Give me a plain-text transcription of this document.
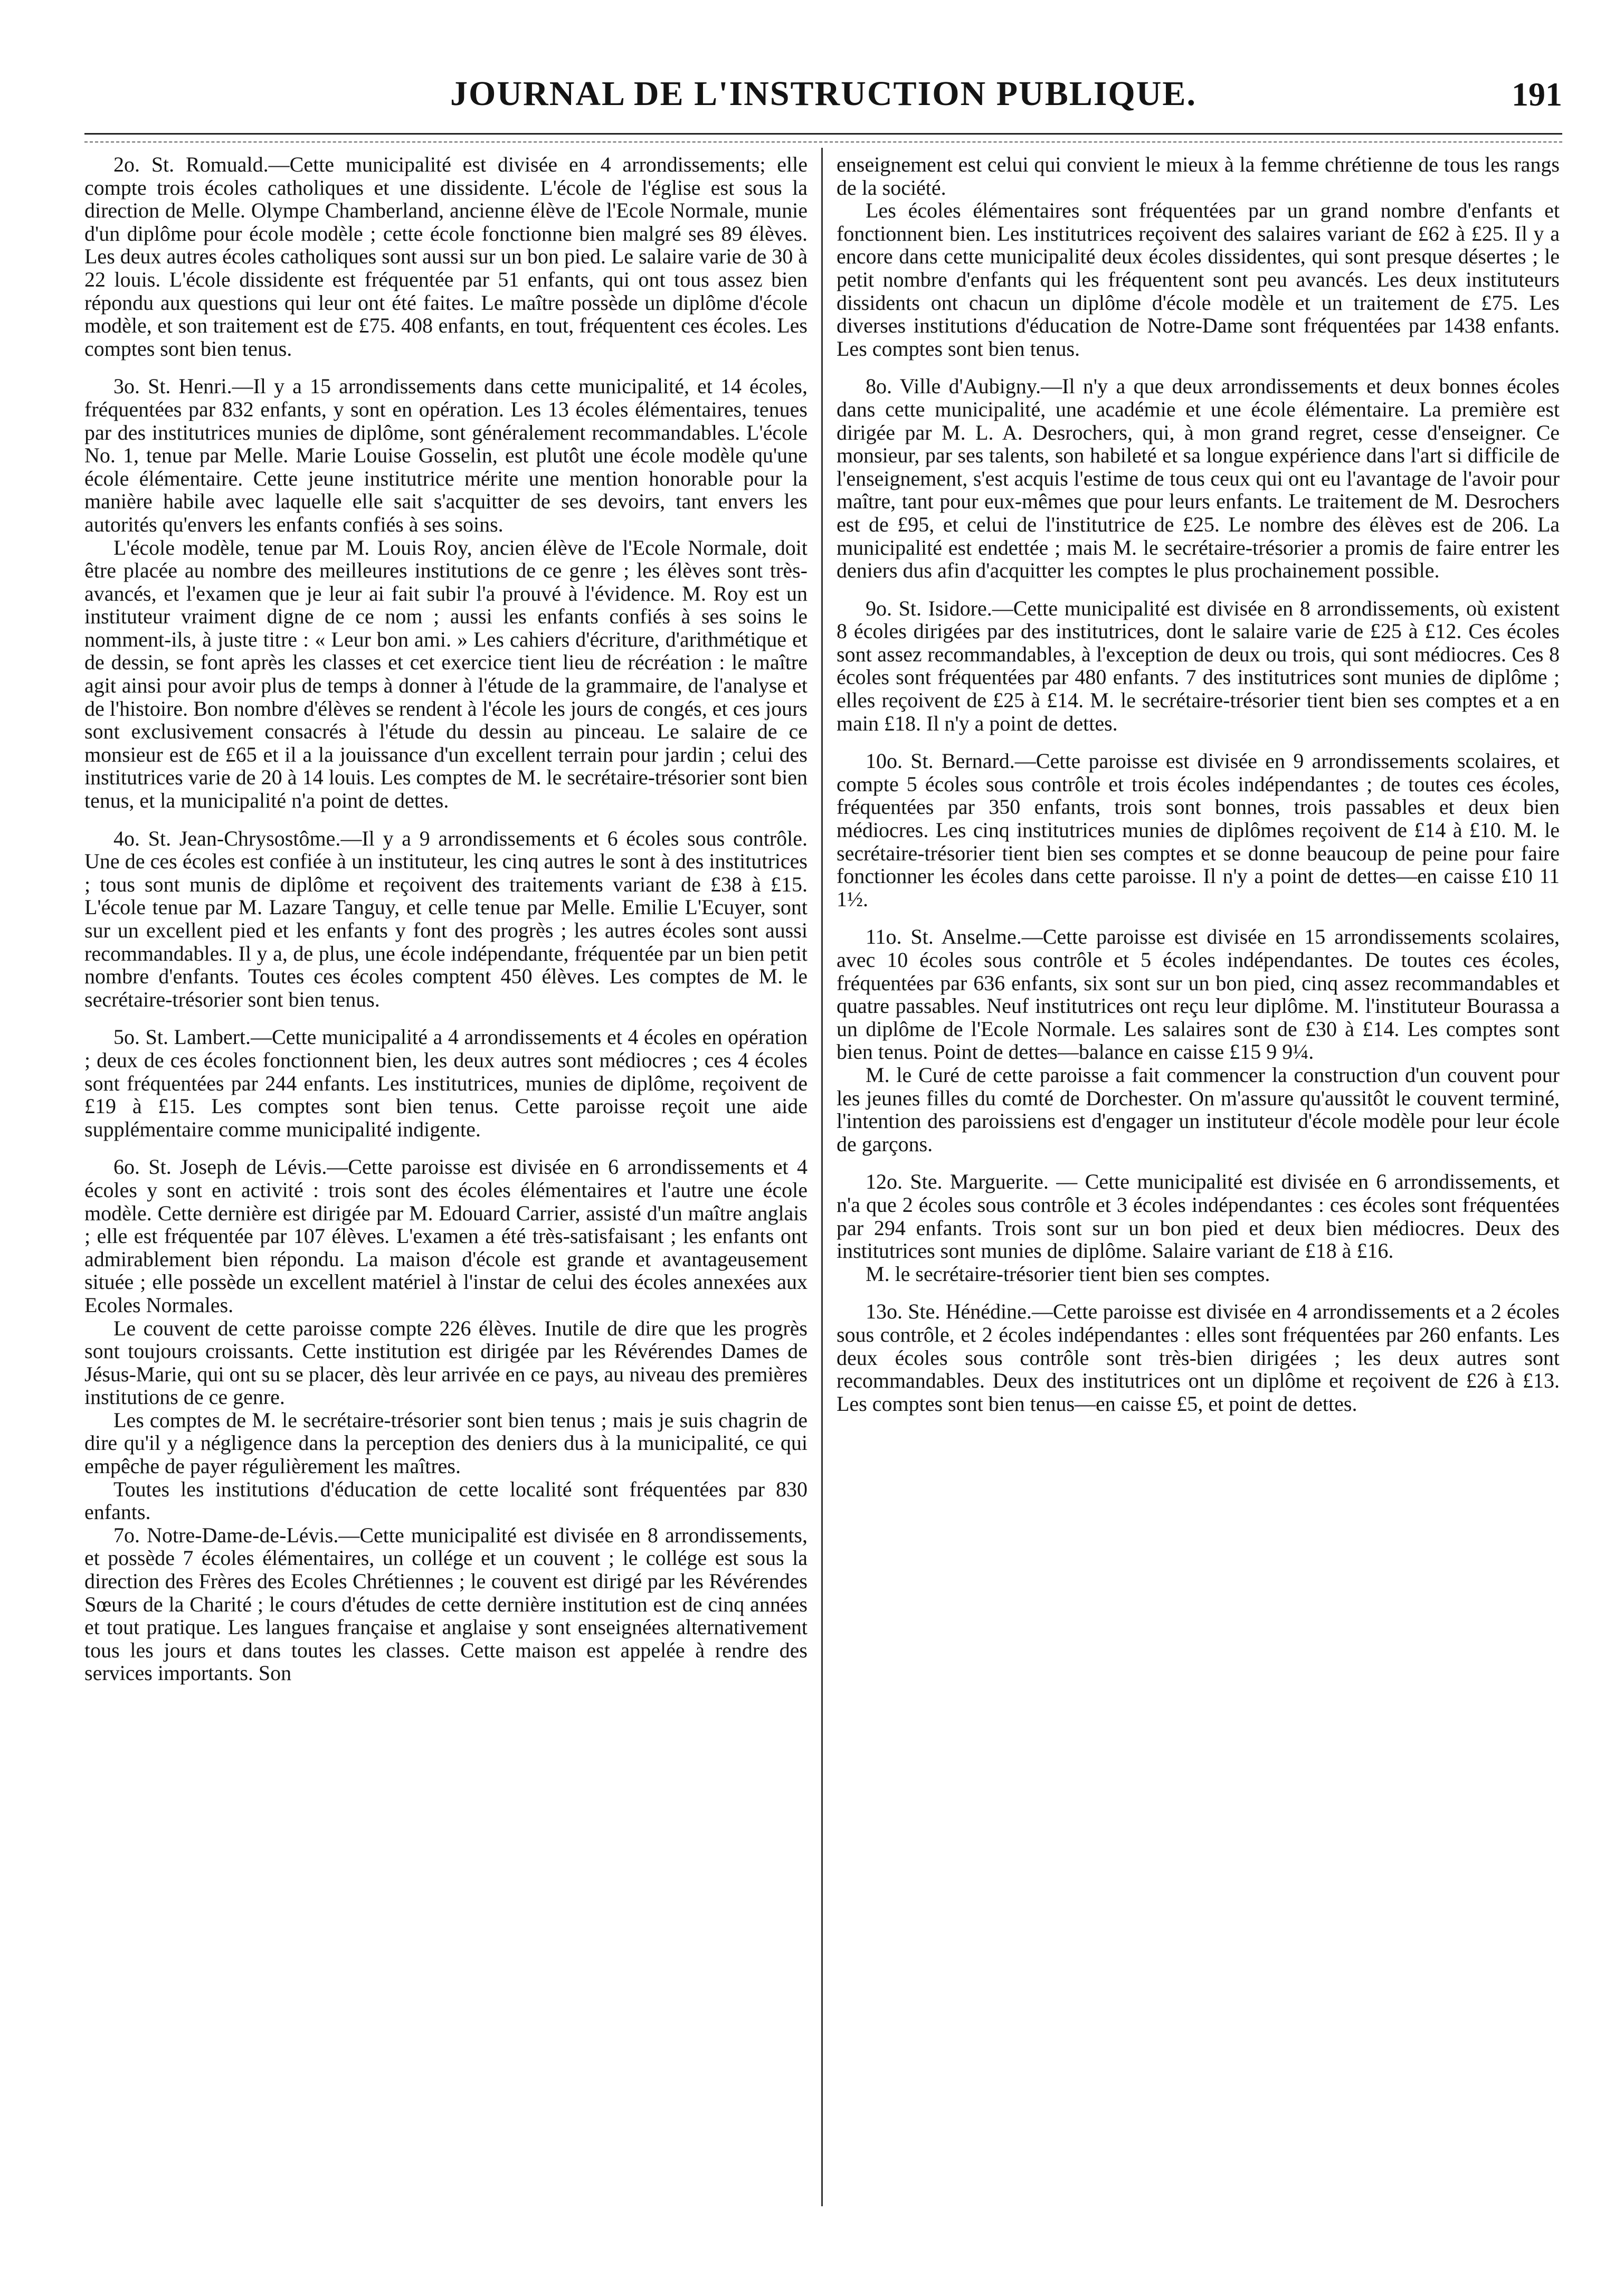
JOURNAL DE L'INSTRUCTION PUBLIQUE.	191

2o. St. Romuald.—Cette municipalité est divisée en 4 arrondissements; elle compte trois écoles catholiques et une dissidente. L'école de l'église est sous la direction de Melle. Olympe Chamberland, ancienne élève de l'Ecole Normale, munie d'un diplôme pour école modèle ; cette école fonctionne bien malgré ses 89 élèves. Les deux autres écoles catholiques sont aussi sur un bon pied. Le salaire varie de 30 à 22 louis. L'école dissidente est fréquentée par 51 enfants, qui ont tous assez bien répondu aux questions qui leur ont été faites. Le maître possède un diplôme d'école modèle, et son traitement est de £75. 408 enfants, en tout, fréquentent ces écoles. Les comptes sont bien tenus.

3o. St. Henri.—Il y a 15 arrondissements dans cette municipalité, et 14 écoles, fréquentées par 832 enfants, y sont en opération. Les 13 écoles élémentaires, tenues par des institutrices munies de diplôme, sont généralement recommandables. L'école No. 1, tenue par Melle. Marie Louise Gosselin, est plutôt une école modèle qu'une école élémentaire. Cette jeune institutrice mérite une mention honorable pour la manière habile avec laquelle elle sait s'acquitter de ses devoirs, tant envers les autorités qu'envers les enfants confiés à ses soins.

L'école modèle, tenue par M. Louis Roy, ancien élève de l'Ecole Normale, doit être placée au nombre des meilleures institutions de ce genre ; les élèves sont très-avancés, et l'examen que je leur ai fait subir l'a prouvé à l'évidence. M. Roy est un instituteur vraiment digne de ce nom ; aussi les enfants confiés à ses soins le nomment-ils, à juste titre : « Leur bon ami. » Les cahiers d'écriture, d'arithmétique et de dessin, se font après les classes et cet exercice tient lieu de récréation : le maître agit ainsi pour avoir plus de temps à donner à l'étude de la grammaire, de l'analyse et de l'histoire. Bon nombre d'élèves se rendent à l'école les jours de congés, et ces jours sont exclusivement consacrés à l'étude du dessin au pinceau. Le salaire de ce monsieur est de £65 et il a la jouissance d'un excellent terrain pour jardin ; celui des institutrices varie de 20 à 14 louis. Les comptes de M. le secrétaire-trésorier sont bien tenus, et la municipalité n'a point de dettes.

4o. St. Jean-Chrysostôme.—Il y a 9 arrondissements et 6 écoles sous contrôle. Une de ces écoles est confiée à un instituteur, les cinq autres le sont à des institutrices ; tous sont munis de diplôme et reçoivent des traitements variant de £38 à £15. L'école tenue par M. Lazare Tanguy, et celle tenue par Melle. Emilie L'Ecuyer, sont sur un excellent pied et les enfants y font des progrès ; les autres écoles sont aussi recommandables. Il y a, de plus, une école indépendante, fréquentée par un bien petit nombre d'enfants. Toutes ces écoles comptent 450 élèves. Les comptes de M. le secrétaire-trésorier sont bien tenus.

5o. St. Lambert.—Cette municipalité a 4 arrondissements et 4 écoles en opération ; deux de ces écoles fonctionnent bien, les deux autres sont médiocres ; ces 4 écoles sont fréquentées par 244 enfants. Les institutrices, munies de diplôme, reçoivent de £19 à £15. Les comptes sont bien tenus. Cette paroisse reçoit une aide supplémentaire comme municipalité indigente.

6o. St. Joseph de Lévis.—Cette paroisse est divisée en 6 arrondissements et 4 écoles y sont en activité : trois sont des écoles élémentaires et l'autre une école modèle. Cette dernière est dirigée par M. Edouard Carrier, assisté d'un maître anglais ; elle est fréquentée par 107 élèves. L'examen a été très-satisfaisant ; les enfants ont admirablement bien répondu. La maison d'école est grande et avantageusement située ; elle possède un excellent matériel à l'instar de celui des écoles annexées aux Ecoles Normales.

Le couvent de cette paroisse compte 226 élèves. Inutile de dire que les progrès sont toujours croissants. Cette institution est dirigée par les Révérendes Dames de Jésus-Marie, qui ont su se placer, dès leur arrivée en ce pays, au niveau des premières institutions de ce genre.

Les comptes de M. le secrétaire-trésorier sont bien tenus ; mais je suis chagrin de dire qu'il y a négligence dans la perception des deniers dus à la municipalité, ce qui empêche de payer régulièrement les maîtres.

Toutes les institutions d'éducation de cette localité sont fréquentées par 830 enfants.

7o. Notre-Dame-de-Lévis.—Cette municipalité est divisée en 8 arrondissements, et possède 7 écoles élémentaires, un collége et un couvent ; le collége est sous la direction des Frères des Ecoles Chrétiennes ; le couvent est dirigé par les Révérendes Sœurs de la Charité ; le cours d'études de cette dernière institution est de cinq années et tout pratique. Les langues française et anglaise y sont enseignées alternativement tous les jours et dans toutes les classes. Cette maison est appelée à rendre des services importants. Son

enseignement est celui qui convient le mieux à la femme chrétienne de tous les rangs de la société.

Les écoles élémentaires sont fréquentées par un grand nombre d'enfants et fonctionnent bien. Les institutrices reçoivent des salaires variant de £62 à £25. Il y a encore dans cette municipalité deux écoles dissidentes, qui sont presque désertes ; le petit nombre d'enfants qui les fréquentent sont peu avancés. Les deux instituteurs dissidents ont chacun un diplôme d'école modèle et un traitement de £75. Les diverses institutions d'éducation de Notre-Dame sont fréquentées par 1438 enfants. Les comptes sont bien tenus.

8o. Ville d'Aubigny.—Il n'y a que deux arrondissements et deux bonnes écoles dans cette municipalité, une académie et une école élémentaire. La première est dirigée par M. L. A. Desrochers, qui, à mon grand regret, cesse d'enseigner. Ce monsieur, par ses talents, son habileté et sa longue expérience dans l'art si difficile de l'enseignement, s'est acquis l'estime de tous ceux qui ont eu l'avantage de l'avoir pour maître, tant pour eux-mêmes que pour leurs enfants. Le traitement de M. Desrochers est de £95, et celui de l'institutrice de £25. Le nombre des élèves est de 206. La municipalité est endettée ; mais M. le secrétaire-trésorier a promis de faire entrer les deniers dus afin d'acquitter les comptes le plus prochainement possible.

9o. St. Isidore.—Cette municipalité est divisée en 8 arrondissements, où existent 8 écoles dirigées par des institutrices, dont le salaire varie de £25 à £12. Ces écoles sont assez recommandables, à l'exception de deux ou trois, qui sont médiocres. Ces 8 écoles sont fréquentées par 480 enfants. 7 des institutrices sont munies de diplôme ; elles reçoivent de £25 à £14. M. le secrétaire-trésorier tient bien ses comptes et a en main £18. Il n'y a point de dettes.

10o. St. Bernard.—Cette paroisse est divisée en 9 arrondissements scolaires, et compte 5 écoles sous contrôle et trois écoles indépendantes ; de toutes ces écoles, fréquentées par 350 enfants, trois sont bonnes, trois passables et deux bien médiocres. Les cinq institutrices munies de diplômes reçoivent de £14 à £10. M. le secrétaire-trésorier tient bien ses comptes et se donne beaucoup de peine pour faire fonctionner les écoles dans cette paroisse. Il n'y a point de dettes—en caisse £10 11 1½.

11o. St. Anselme.—Cette paroisse est divisée en 15 arrondissements scolaires, avec 10 écoles sous contrôle et 5 écoles indépendantes. De toutes ces écoles, fréquentées par 636 enfants, six sont sur un bon pied, cinq assez recommandables et quatre passables. Neuf institutrices ont reçu leur diplôme. M. l'instituteur Bourassa a un diplôme de l'Ecole Normale. Les salaires sont de £30 à £14. Les comptes sont bien tenus. Point de dettes—balance en caisse £15 9 9¼.

M. le Curé de cette paroisse a fait commencer la construction d'un couvent pour les jeunes filles du comté de Dorchester. On m'assure qu'aussitôt le couvent terminé, l'intention des paroissiens est d'engager un instituteur d'école modèle pour leur école de garçons.

12o. Ste. Marguerite. — Cette municipalité est divisée en 6 arrondissements, et n'a que 2 écoles sous contrôle et 3 écoles indépendantes : ces écoles sont fréquentées par 294 enfants. Trois sont sur un bon pied et deux bien médiocres. Deux des institutrices sont munies de diplôme. Salaire variant de £18 à £16.

M. le secrétaire-trésorier tient bien ses comptes.

13o. Ste. Hénédine.—Cette paroisse est divisée en 4 arrondissements et a 2 écoles sous contrôle, et 2 écoles indépendantes : elles sont fréquentées par 260 enfants. Les deux écoles sous contrôle sont très-bien dirigées ; les deux autres sont recommandables. Deux des institutrices ont un diplôme et reçoivent de £26 à £13. Les comptes sont bien tenus—en caisse £5, et point de dettes.
